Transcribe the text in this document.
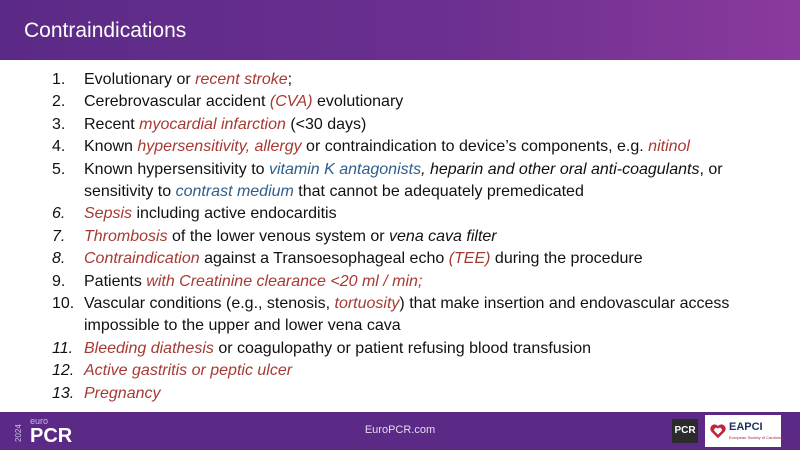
Contraindications
1.	Evolutionary or recent stroke;
2.	Cerebrovascular accident (CVA) evolutionary
3.	Recent myocardial infarction (<30 days)
4.	Known hypersensitivity, allergy or contraindication to device’s components, e.g. nitinol
5.	Known hypersensitivity to vitamin K antagonists, heparin and other oral anti-coagulants, or sensitivity to contrast medium that cannot be adequately premedicated
6.	Sepsis including active endocarditis
7.	Thrombosis of the lower venous system or vena cava filter
8.	Contraindication against a Transoesophageal echo (TEE) during the procedure
9.	Patients with Creatinine clearance <20 ml / min;
10. Vascular conditions (e.g., stenosis, tortuosity) that make insertion and endovascular access impossible to the upper and lower vena cava
11. Bleeding diathesis or coagulopathy or patient refusing blood transfusion
12. Active gastritis or peptic ulcer
13. Pregnancy
2024
euro
PCR	EuroPCR.com	PCR	EAPCI
European Society of Cardiology
